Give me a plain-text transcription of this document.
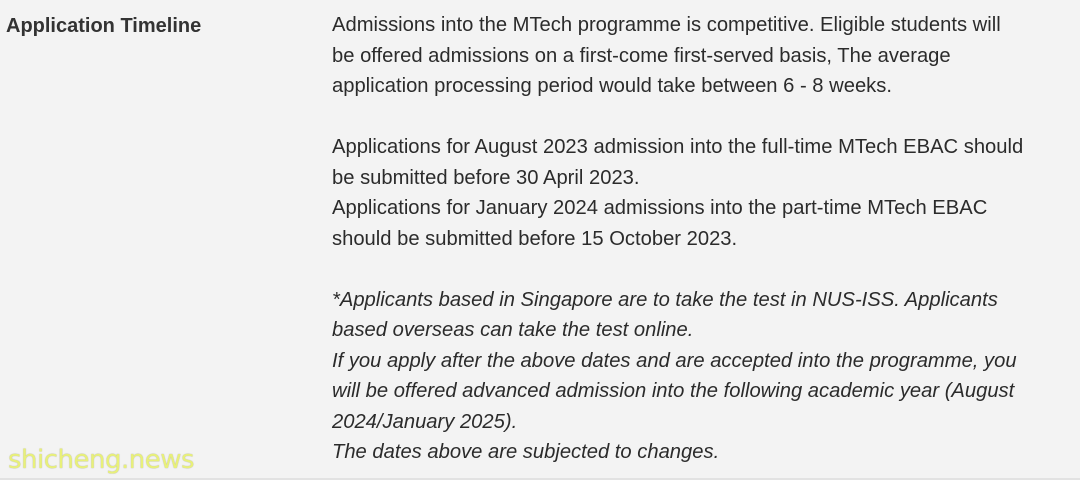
Application Timeline	Admissions into the MTech programme is competitive. Eligible students will
be offered admissions on a first-come first-served basis, The average
application processing period would take between 6 - 8 weeks.
Applications for August 2023 admission into the full-time MTech EBAC should
be submitted before 30 April 2023.
Applications for January 2024 admissions into the part-time MTech EBAC
should be submitted before 15 October 2023.
*Applicants based in Singapore are to take the test in NUS-ISS. Applicants
based overseas can take the test online.
If you apply after the above dates and are accepted into the programme, you
will be offered advanced admission into the following academic year (August
2024/January 2025).
The dates above are subjected to changes.
shicheng.news
